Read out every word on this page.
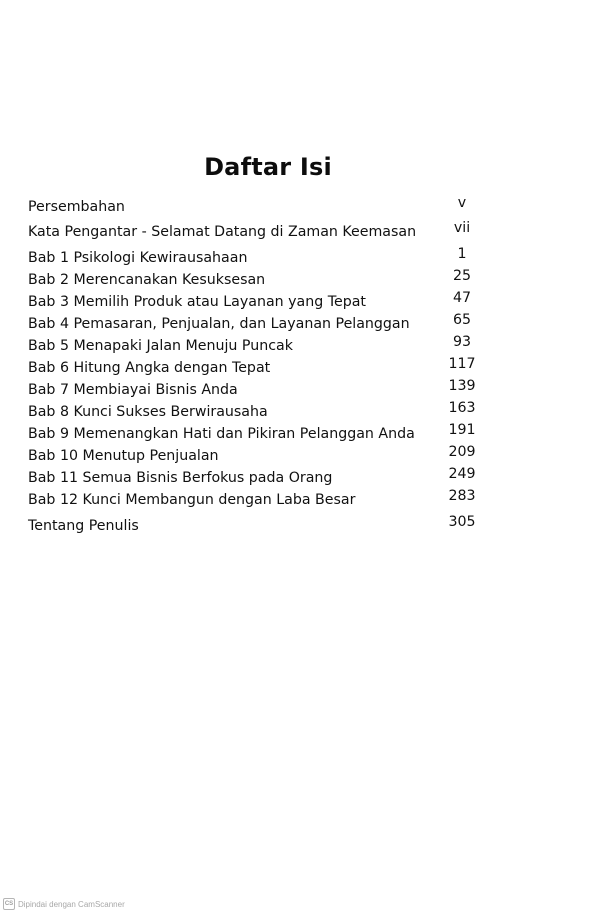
Daftar Isi
Persembahan	v
Kata Pengantar - Selamat Datang di Zaman Keemasan	vii
Bab 1 Psikologi Kewirausahaan	1
Bab 2 Merencanakan Kesuksesan	25
Bab 3 Memilih Produk atau Layanan yang Tepat	47
Bab 4 Pemasaran, Penjualan, dan Layanan Pelanggan	65
Bab 5 Menapaki Jalan Menuju Puncak	93
Bab 6 Hitung Angka dengan Tepat	117
Bab 7 Membiayai Bisnis Anda	139
Bab 8 Kunci Sukses Berwirausaha	163
Bab 9 Memenangkan Hati dan Pikiran Pelanggan Anda	191
Bab 10 Menutup Penjualan	209
Bab 11 Semua Bisnis Berfokus pada Orang	249
Bab 12 Kunci Membangun dengan Laba Besar	283
Tentang Penulis	305
CS Dipindai dengan CamScanner
